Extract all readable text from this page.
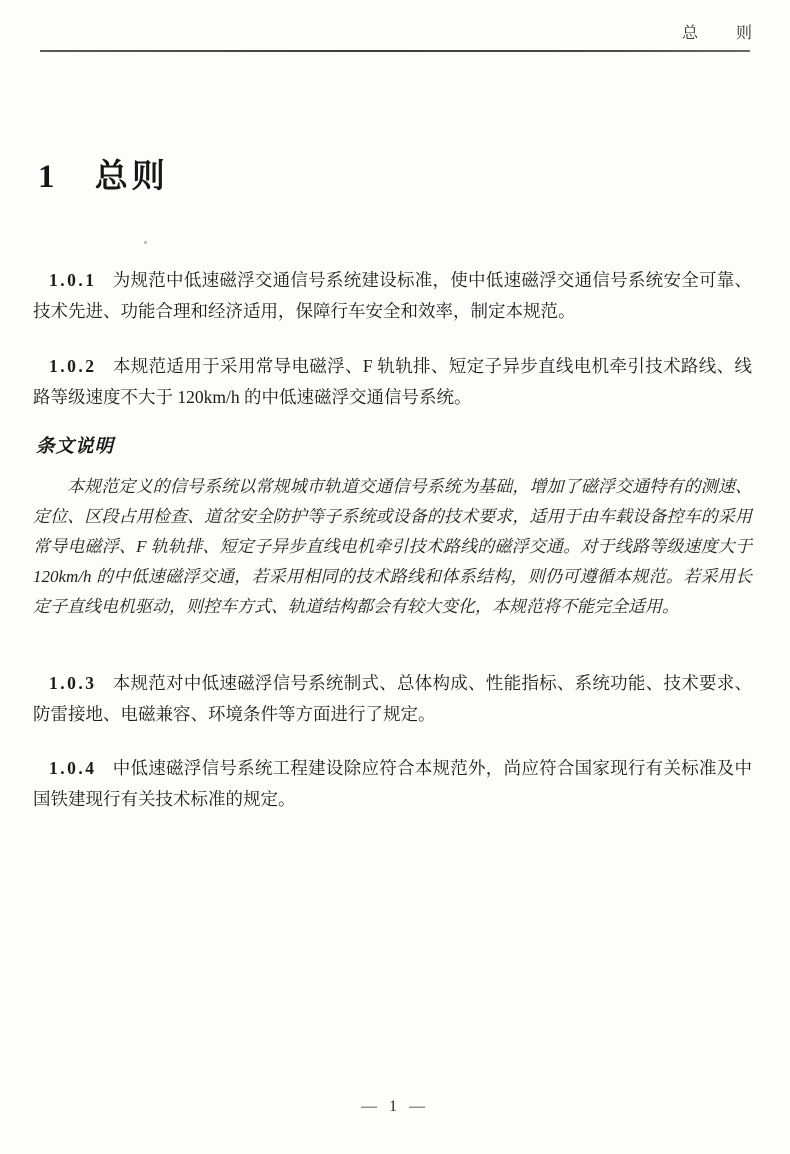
总　　则
1 总则

1.0.1 为规范中低速磁浮交通信号系统建设标准，使中低速磁浮交通信号系统安全可靠、技术先进、功能合理和经济适用，保障行车安全和效率，制定本规范。

1.0.2 本规范适用于采用常导电磁浮、F 轨轨排、短定子异步直线电机牵引技术路线、线路等级速度不大于 120km/h 的中低速磁浮交通信号系统。

条文说明

本规范定义的信号系统以常规城市轨道交通信号系统为基础，增加了磁浮交通特有的测速、定位、区段占用检查、道岔安全防护等子系统或设备的技术要求，适用于由车载设备控车的采用常导电磁浮、F 轨轨排、短定子异步直线电机牵引技术路线的磁浮交通。对于线路等级速度大于 120km/h 的中低速磁浮交通，若采用相同的技术路线和体系结构，则仍可遵循本规范。若采用长定子直线电机驱动，则控车方式、轨道结构都会有较大变化，本规范将不能完全适用。

1.0.3 本规范对中低速磁浮信号系统制式、总体构成、性能指标、系统功能、技术要求、防雷接地、电磁兼容、环境条件等方面进行了规定。

1.0.4 中低速磁浮信号系统工程建设除应符合本规范外，尚应符合国家现行有关标准及中国铁建现行有关技术标准的规定。

— 1 —
